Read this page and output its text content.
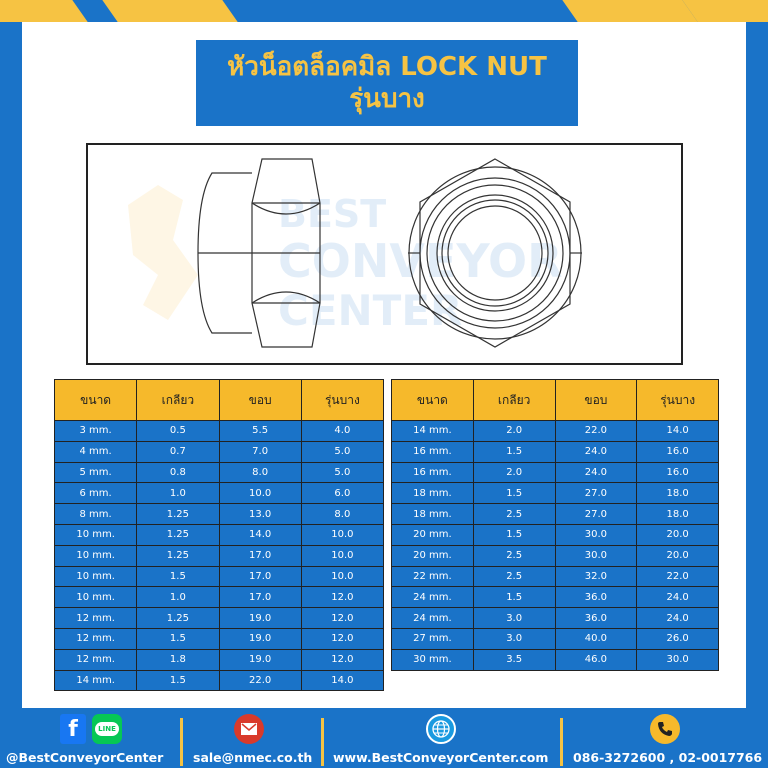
หัวน็อตล็อคมิล LOCK NUT
รุ่นบาง
BEST
CONVEYOR
CENTER
ขนาด	เกลียว	ขอบ	รุ่นบาง
3 mm.	0.5	5.5	4.0
4 mm.	0.7	7.0	5.0
5 mm.	0.8	8.0	5.0
6 mm.	1.0	10.0	6.0
8 mm.	1.25	13.0	8.0
10 mm.	1.25	14.0	10.0
10 mm.	1.25	17.0	10.0
10 mm.	1.5	17.0	10.0
10 mm.	1.0	17.0	12.0
12 mm.	1.25	19.0	12.0
12 mm.	1.5	19.0	12.0
12 mm.	1.8	19.0	12.0
14 mm.	1.5	22.0	14.0
ขนาด	เกลียว	ขอบ	รุ่นบาง
14 mm.	2.0	22.0	14.0
16 mm.	1.5	24.0	16.0
16 mm.	2.0	24.0	16.0
18 mm.	1.5	27.0	18.0
18 mm.	2.5	27.0	18.0
20 mm.	1.5	30.0	20.0
20 mm.	2.5	30.0	20.0
22 mm.	2.5	32.0	22.0
24 mm.	1.5	36.0	24.0
24 mm.	3.0	36.0	24.0
27 mm.	3.0	40.0	26.0
30 mm.	3.5	46.0	30.0
f	LINE
@BestConveyorCenter sale@nmec.co.th www.BestConveyorCenter.com 086-3272600 , 02-0017766
